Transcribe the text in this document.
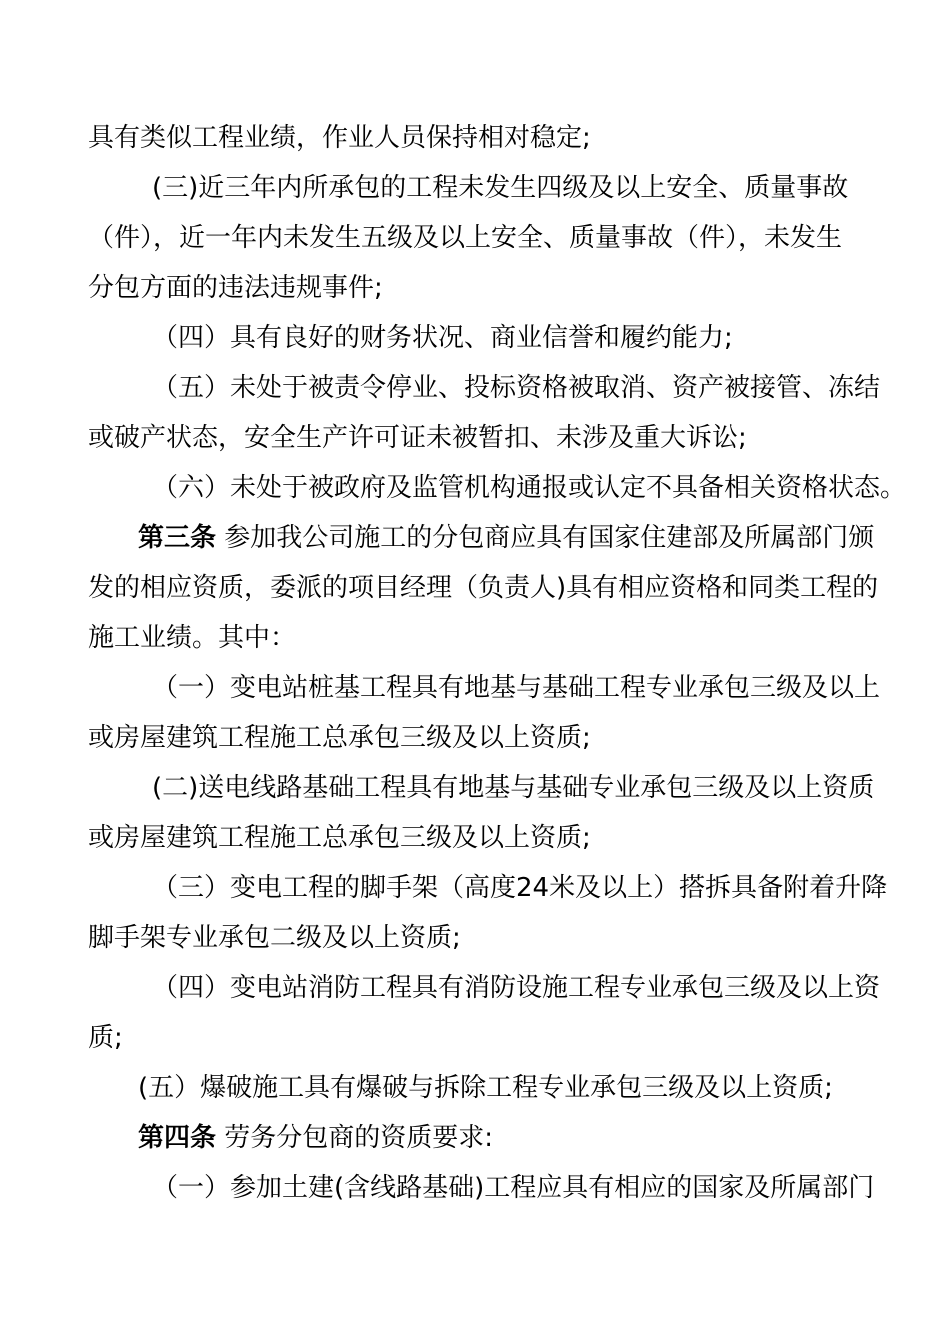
具有类似工程业绩，作业人员保持相对稳定;
(三)近三年内所承包的工程未发生四级及以上安全、质量事故
（件），近一年内未发生五级及以上安全、质量事故（件），未发生
分包方面的违法违规事件;
（四）具有良好的财务状况、商业信誉和履约能力;
（五）未处于被责令停业、投标资格被取消、资产被接管、冻结
或破产状态，安全生产许可证未被暂扣、未涉及重大诉讼;
（六）未处于被政府及监管机构通报或认定不具备相关资格状态。
第三条 参加我公司施工的分包商应具有国家住建部及所属部门颁
发的相应资质，委派的项目经理（负责人)具有相应资格和同类工程的
施工业绩。其中：
（一）变电站桩基工程具有地基与基础工程专业承包三级及以上
或房屋建筑工程施工总承包三级及以上资质;
(二)送电线路基础工程具有地基与基础专业承包三级及以上资质
或房屋建筑工程施工总承包三级及以上资质;
（三）变电工程的脚手架（高度24米及以上）搭拆具备附着升降
脚手架专业承包二级及以上资质;
（四）变电站消防工程具有消防设施工程专业承包三级及以上资
质;
(五）爆破施工具有爆破与拆除工程专业承包三级及以上资质;
第四条 劳务分包商的资质要求:
（一）参加土建(含线路基础)工程应具有相应的国家及所属部门
